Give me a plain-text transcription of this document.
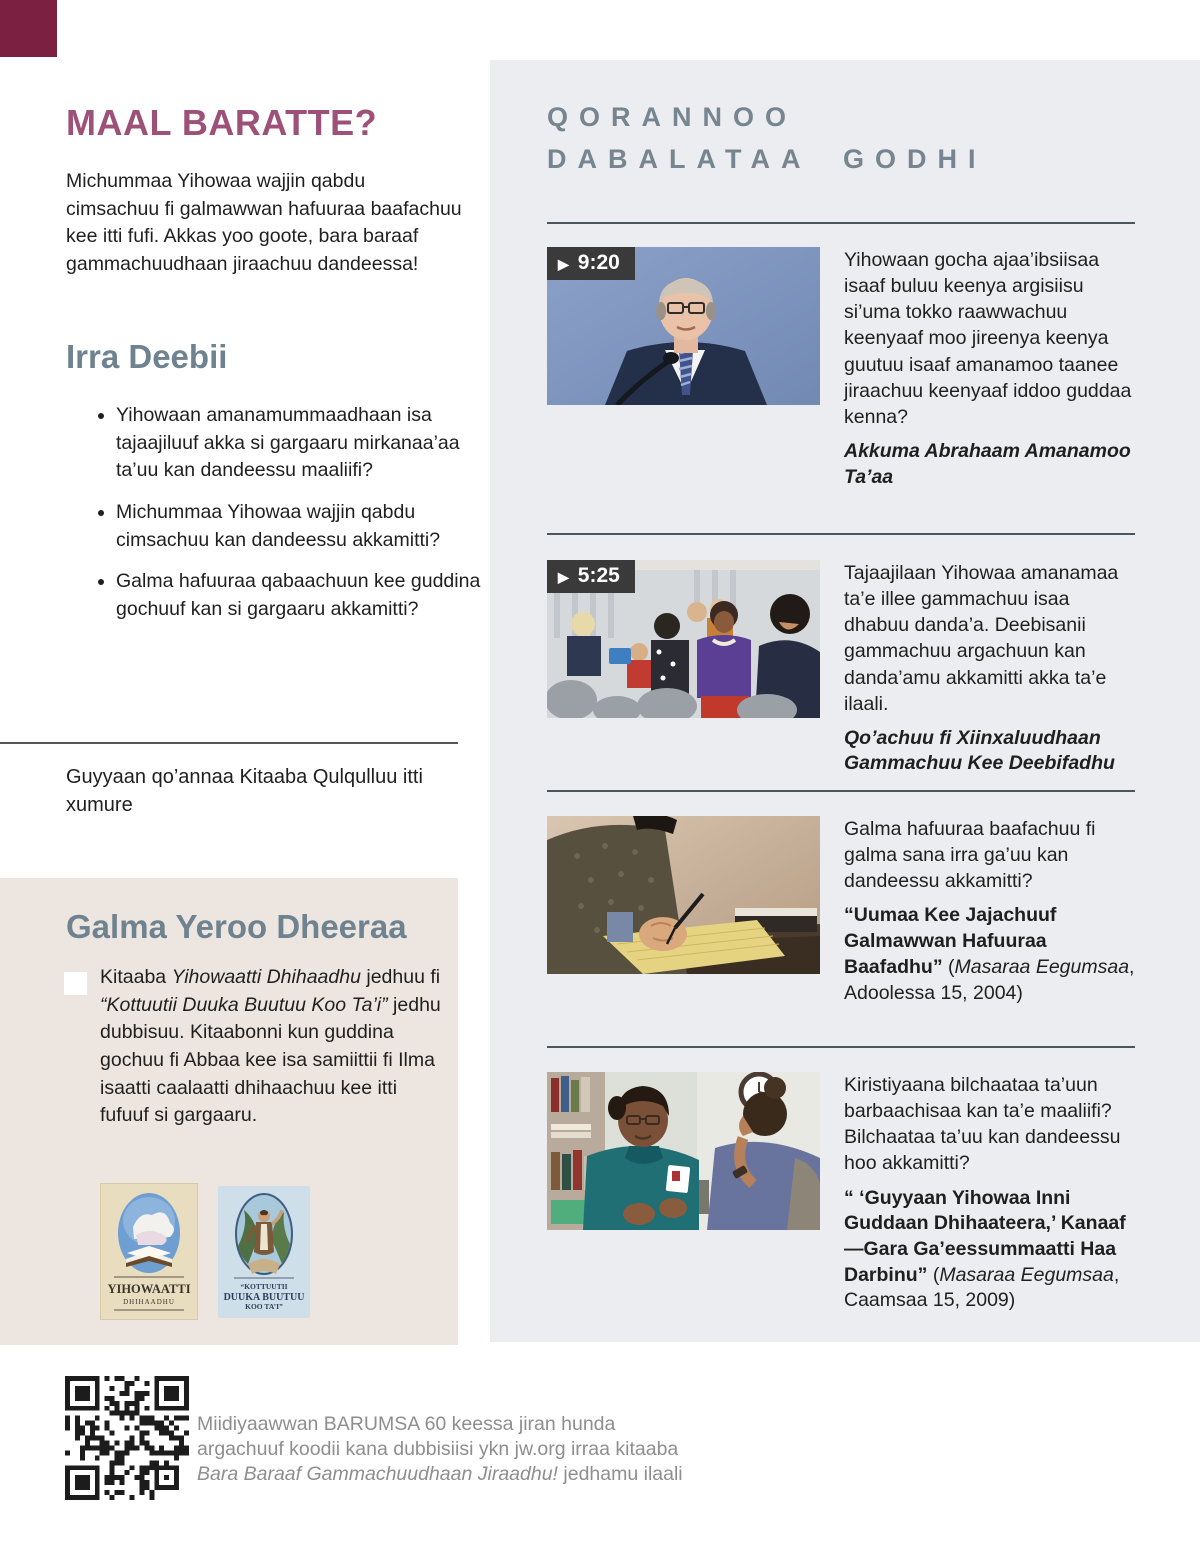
MAAL BARATTE?

Michummaa Yihowaa wajjin qabdu cimsachuu fi galmawwan hafuuraa baafachuu kee itti fufi. Akkas yoo goote, bara baraaf gammachuudhaan jiraachuu dandeessa!

Irra Deebii
• Yihowaan amanamummaadhaan isa tajaajiluuf akka si gargaaru mirkanaa’aa ta’uu kan dandeessu maaliifi?
• Michummaa Yihowaa wajjin qabdu cimsachuu kan dandeessu akkamitti?
• Galma hafuuraa qabaachuun kee guddina gochuuf kan si gargaaru akkamitti?

Guyyaan qo’annaa Kitaaba Qulqulluu itti xumure

Galma Yeroo Dheeraa

Kitaaba Yihowaatti Dhihaadhu jedhuu fi “Kottuutii Duuka Buutuu Koo Ta’i” jedhu dubbisuu. Kitaabonni kun guddina gochuu fi Abbaa kee isa samiittii fi Ilma isaatti caalaatti dhihaachuu kee itti fufuuf si gargaaru.

YIHOWAATTI
DHIHAADHU
“KOTTUUTII
DUUKA BUUTUU
KOO TA’I”
QORANNOO
DABALATAA GODHI
▶ 9:20	Yihowaan gocha ajaa’ibsiisaa isaaf buluu keenya argisiisu si’uma tokko raawwachuu keenyaaf moo jireenya keenya guutuu isaaf amanamoo taanee jiraachuu keenyaaf iddoo guddaa kenna?

Akkuma Abrahaam Amanamoo Ta’aa

▶ 5:25	Tajaajilaan Yihowaa amanamaa ta’e illee gammachuu isaa dhabuu danda’a. Deebisanii gammachuu argachuun kan danda’amu akkamitti akka ta’e ilaali.

Qo’achuu fi Xiinxaluudhaan Gammachuu Kee Deebifadhu

Galma hafuuraa baafachuu fi galma sana irra ga’uu kan dandeessu akkamitti?

“Uumaa Kee Jajachuuf Galmawwan Hafuuraa Baafadhu” (Masaraa Eegumsaa, Adoolessa 15, 2004)

Kiristiyaana bilchaataa ta’uun barbaachisaa kan ta’e maaliifi? Bilchaataa ta’uu kan dandeessu hoo akkamitti?

“ ‘Guyyaan Yihowaa Inni Guddaan Dhihaateera,’ Kanaaf —Gara Ga’eessummaatti Haa Darbinu” (Masaraa Eegumsaa, Caamsaa 15, 2009)

Miidiyaawwan BARUMSA 60 keessa jiran hunda
argachuuf koodii kana dubbisiisi ykn jw.org irraa kitaaba
Bara Baraaf Gammachuudhaan Jiraadhu! jedhamu ilaali
